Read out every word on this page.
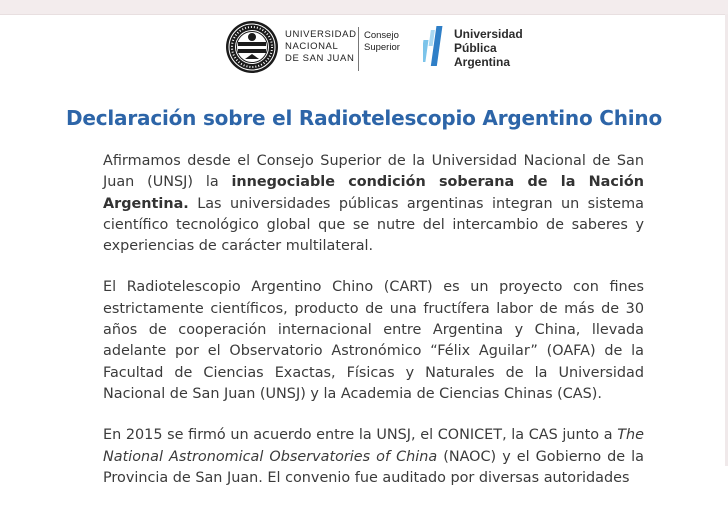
UNIVERSIDAD
NACIONAL
DE SAN JUAN
Consejo
Superior
Universidad
Pública
Argentina
Declaración sobre el Radiotelescopio Argentino Chino

Afirmamos desde el Consejo Superior de la Universidad Nacional de San Juan (UNSJ) la innegociable condición soberana de la Nación Argentina. Las universidades públicas argentinas integran un sistema científico tecnológico global que se nutre del intercambio de saberes y experiencias de carácter multilateral.

El Radiotelescopio Argentino Chino (CART) es un proyecto con fines estrictamente científicos, producto de una fructífera labor de más de 30 años de cooperación internacional entre Argentina y China, llevada adelante por el Observatorio Astronómico “Félix Aguilar” (OAFA) de la Facultad de Ciencias Exactas, Físicas y Naturales de la Universidad Nacional de San Juan (UNSJ) y la Academia de Ciencias Chinas (CAS).

En 2015 se firmó un acuerdo entre la UNSJ, el CONICET, la CAS junto a The National Astronomical Observatories of China (NAOC) y el Gobierno de la Provincia de San Juan. El convenio fue auditado por diversas autoridades
